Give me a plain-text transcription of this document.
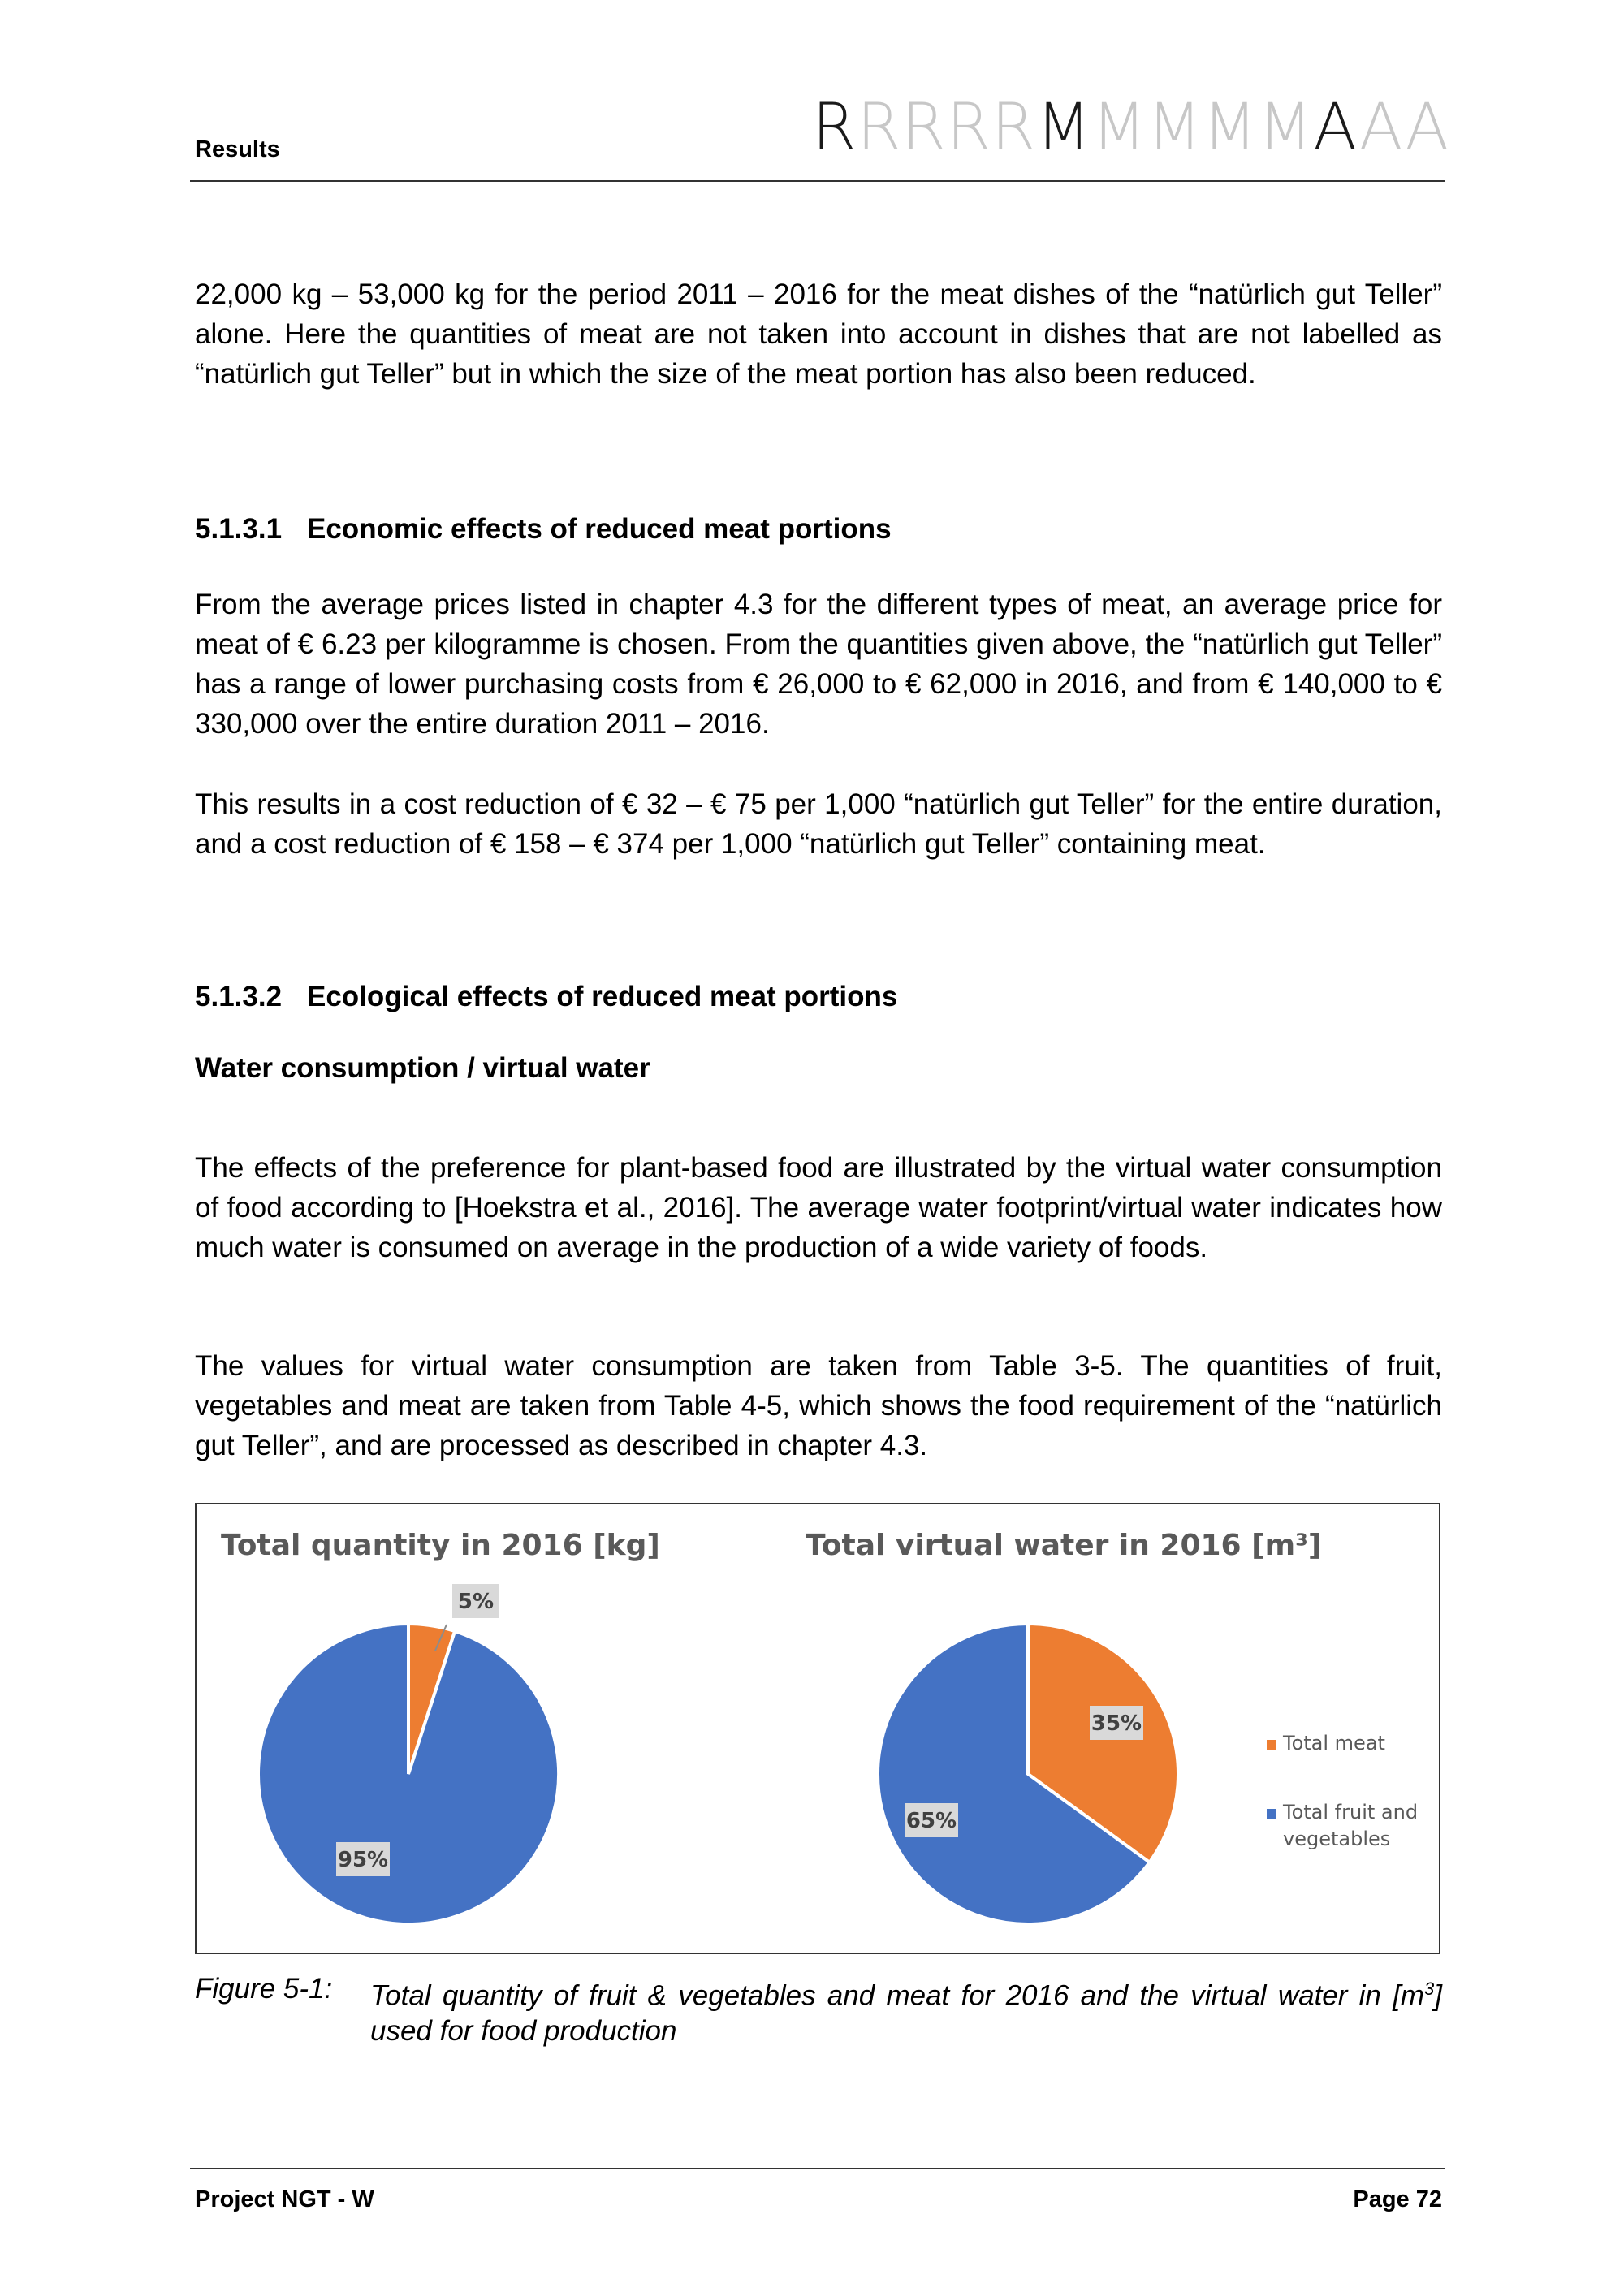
Results	RRRRRMMMMMAAA
22,000 kg – 53,000 kg for the period 2011 – 2016 for the meat dishes of the “natürlich gut Teller” alone. Here the quantities of meat are not taken into account in dishes that are not labelled as “natürlich gut Teller” but in which the size of the meat portion has also been reduced.
5.1.3.1 Economic effects of reduced meat portions
From the average prices listed in chapter 4.3 for the different types of meat, an average price for meat of € 6.23 per kilogramme is chosen. From the quantities given above, the “natürlich gut Teller” has a range of lower purchasing costs from € 26,000 to € 62,000 in 2016, and from € 140,000 to € 330,000 over the entire duration 2011 – 2016.
This results in a cost reduction of € 32 – € 75 per 1,000 “natürlich gut Teller” for the entire duration, and a cost reduction of € 158 – € 374 per 1,000 “natürlich gut Teller” containing meat.
5.1.3.2 Ecological effects of reduced meat portions
Water consumption / virtual water
The effects of the preference for plant-based food are illustrated by the virtual water consumption of food according to [Hoekstra et al., 2016]. The average water footprint/virtual water indicates how much water is consumed on average in the production of a wide variety of foods.
The values for virtual water consumption are taken from Table 3-5. The quantities of fruit, vegetables and meat are taken from Table 4-5, which shows the food requirement of the “natürlich gut Teller”, and are processed as described in chapter 4.3.
Total quantity in 2016 [kg]	Total virtual water in 2016 [m³]
5%
95%
35%
65%
Total meat
Total fruit and
vegetables
Figure 5-1: Total quantity of fruit & vegetables and meat for 2016 and the virtual water in $[m^3]$ used for food production
Project NGT - W	Page 72
